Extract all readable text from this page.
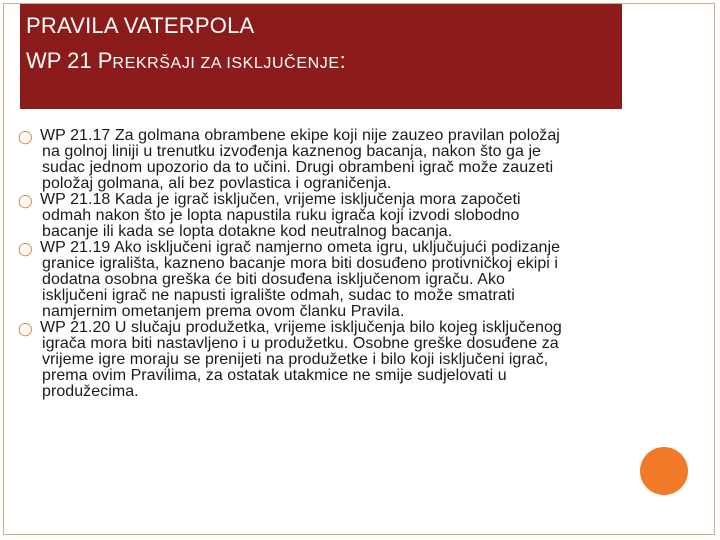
PRAVILA VATERPOLA
WP 21 PREKRŠAJI ZA ISKLJUČENJE:
◯ WP 21.17 Za golmana obrambene ekipe koji nije zauzeo pravilan položaj
na golnoj liniji u trenutku izvođenja kaznenog bacanja, nakon što ga je
sudac jednom upozorio da to učini. Drugi obrambeni igrač može zauzeti
položaj golmana, ali bez povlastica i ograničenja.
◯ WP 21.18 Kada je igrač isključen, vrijeme isključenja mora započeti
odmah nakon što je lopta napustila ruku igrača koji izvodi slobodno
bacanje ili kada se lopta dotakne kod neutralnog bacanja.
◯ WP 21.19 Ako isključeni igrač namjerno ometa igru, uključujući podizanje
granice igrališta, kazneno bacanje mora biti dosuđeno protivničkoj ekipi i
dodatna osobna greška će biti dosuđena isključenom igraču. Ako
isključeni igrač ne napusti igralište odmah, sudac to može smatrati
namjernim ometanjem prema ovom članku Pravila.
◯ WP 21.20 U slučaju produžetka, vrijeme isključenja bilo kojeg isključenog
igrača mora biti nastavljeno i u produžetku. Osobne greške dosuđene za
vrijeme igre moraju se prenijeti na produžetke i bilo koji isključeni igrač,
prema ovim Pravilima, za ostatak utakmice ne smije sudjelovati u
produžecima.
